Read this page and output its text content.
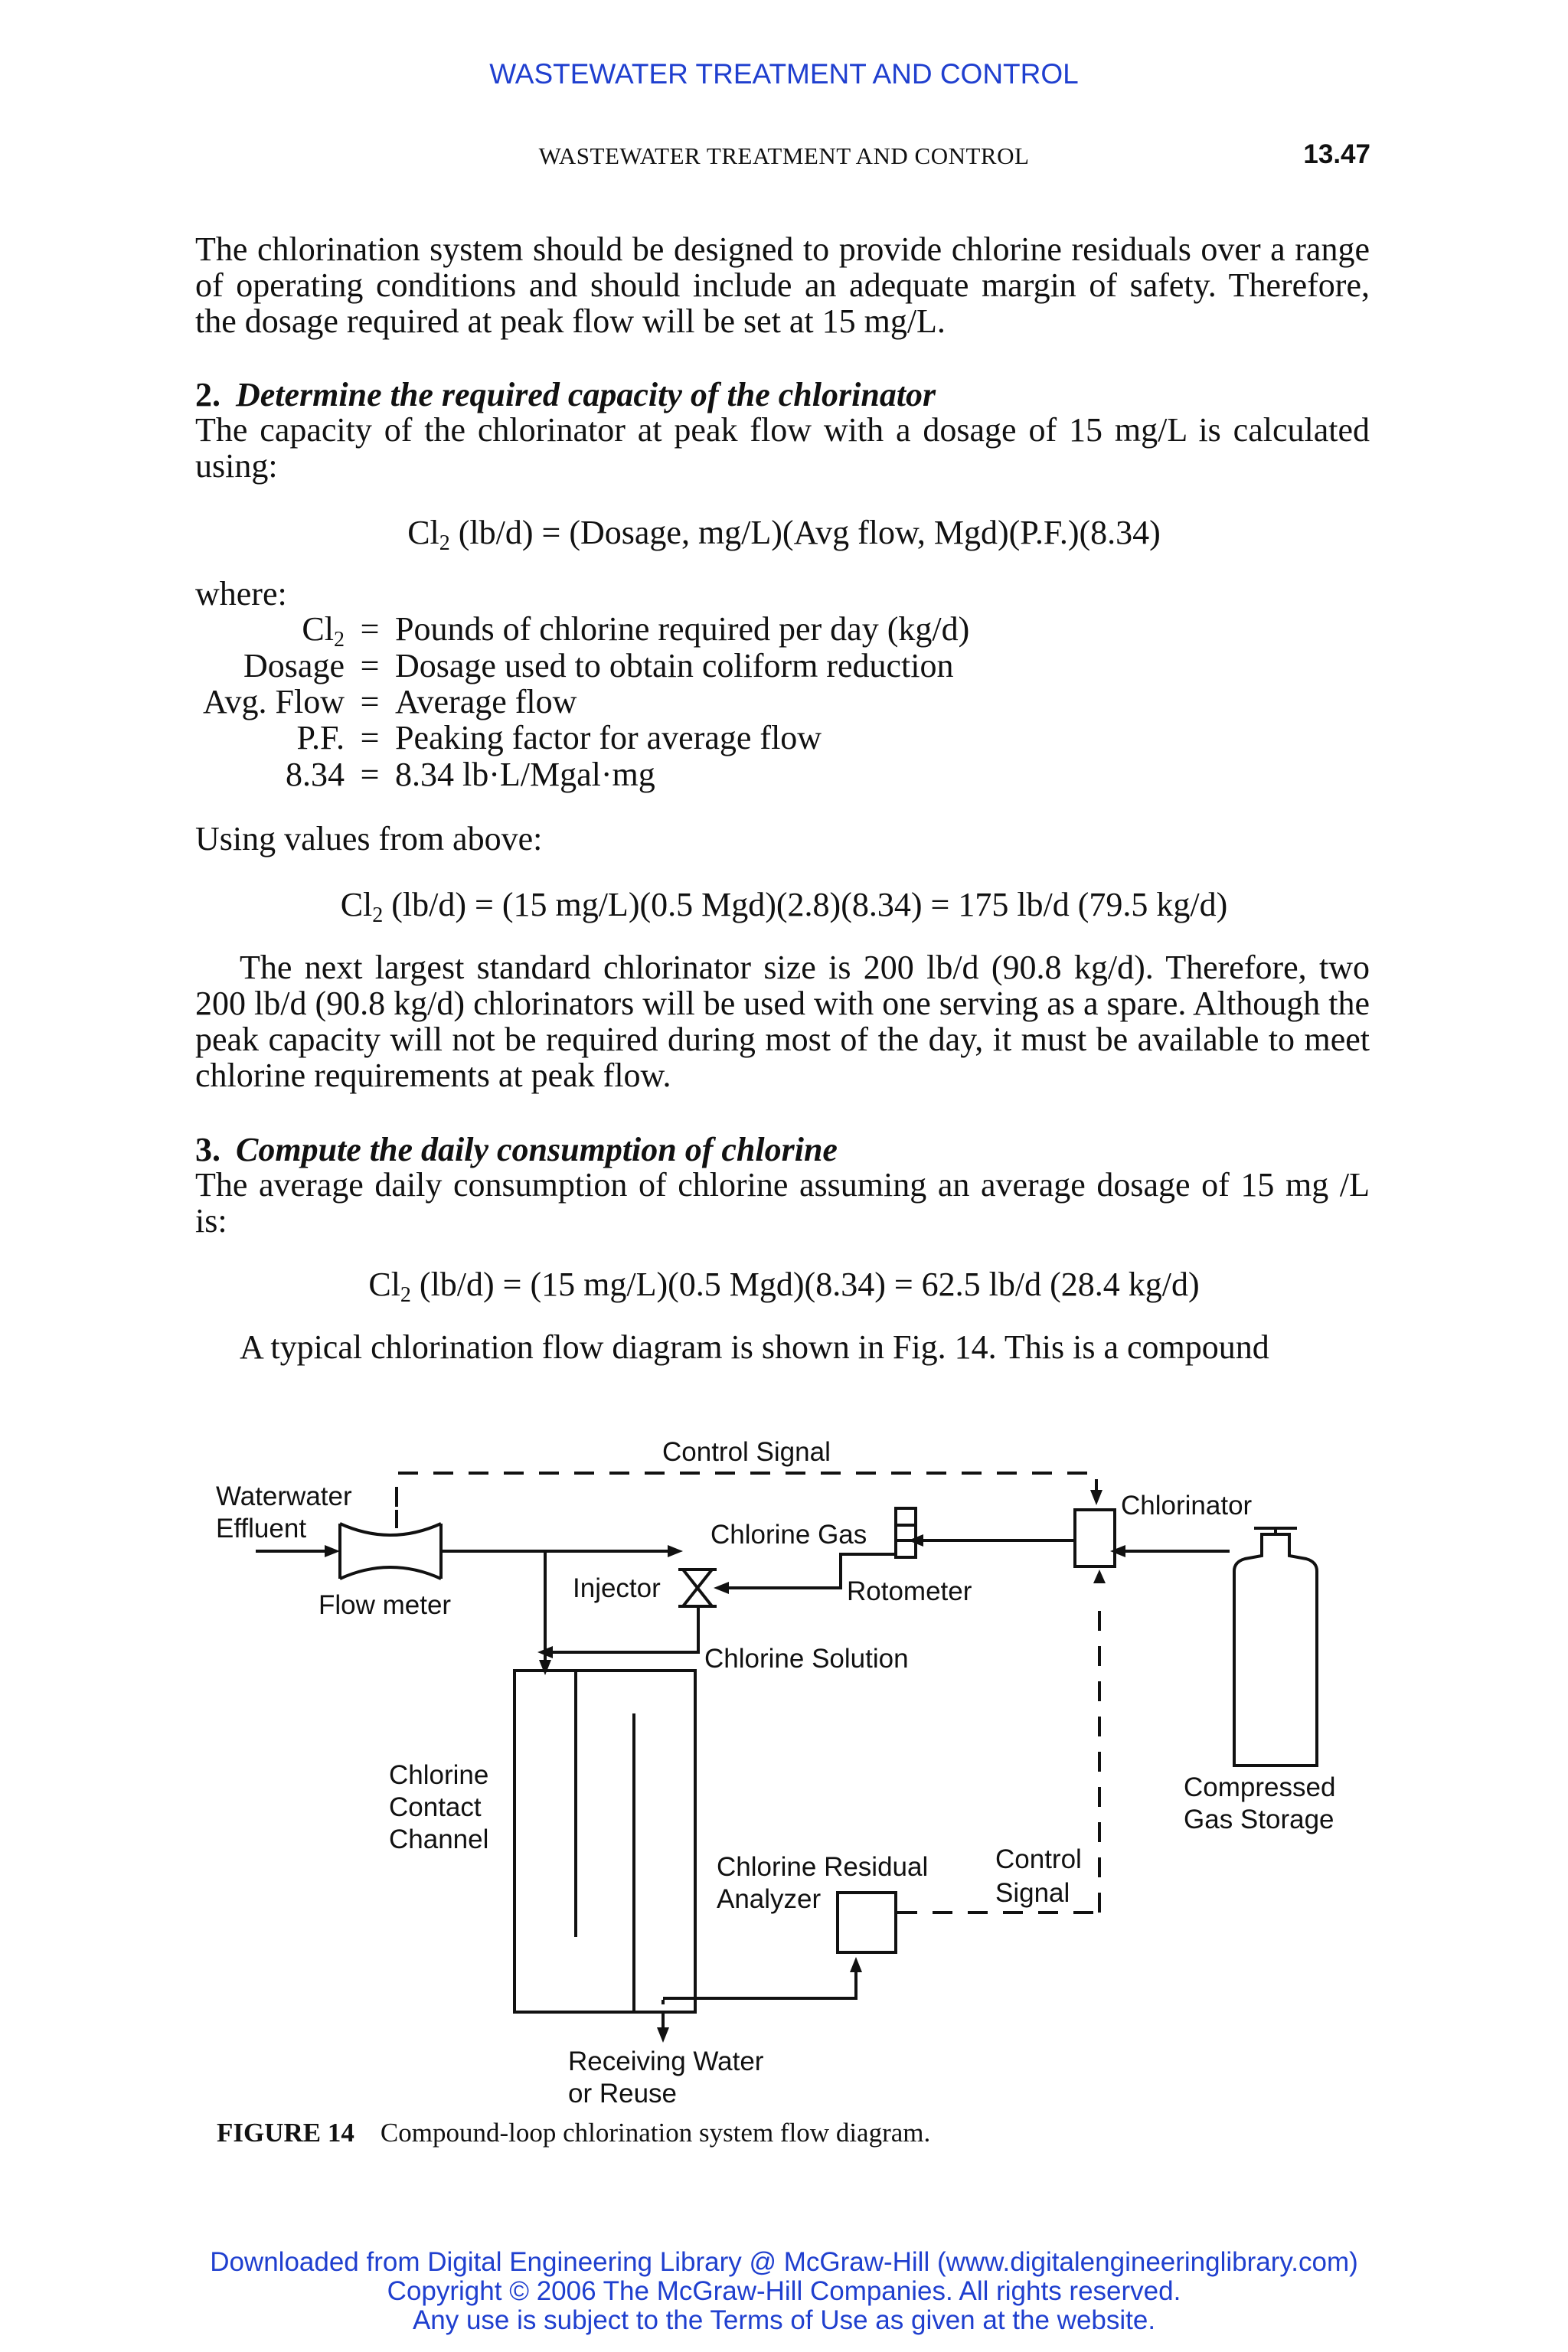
WASTEWATER TREATMENT AND CONTROL
WASTEWATER TREATMENT AND CONTROL	13.47
The chlorination system should be designed to provide chlorine residuals over a range of operating conditions and should include an adequate margin of safety. Therefore, the dosage required at peak flow will be set at 15 mg/L.
2. Determine the required capacity of the chlorinator
The capacity of the chlorinator at peak flow with a dosage of 15 mg/L is calculated using:
$Cl_2$ (lb/d) = (Dosage, mg/L)(Avg flow, Mgd)(P.F.)(8.34)
where:
$Cl_2$ = Pounds of chlorine required per day (kg/d)
Dosage = Dosage used to obtain coliform reduction
Avg. Flow = Average flow
P.F. = Peaking factor for average flow
8.34 = 8.34 lb·L/Mgal·mg
Using values from above:
$Cl_2$ (lb/d) = (15 mg/L)(0.5 Mgd)(2.8)(8.34) = 175 lb/d (79.5 kg/d)
The next largest standard chlorinator size is 200 lb/d (90.8 kg/d). Therefore, two 200 lb/d (90.8 kg/d) chlorinators will be used with one serving as a spare. Although the peak capacity will not be required during most of the day, it must be available to meet chlorine requirements at peak flow.
3. Compute the daily consumption of chlorine
The average daily consumption of chlorine assuming an average dosage of 15 mg /L is:
$Cl_2$ (lb/d) = (15 mg/L)(0.5 Mgd)(8.34) = 62.5 lb/d (28.4 kg/d)
A typical chlorination flow diagram is shown in Fig. 14. This is a compound
Control Signal
Waterwater
Effluent
Chlorinator
Chlorine Gas
Injector	Rotometer
Flow meter
Chlorine Solution
Chlorine
Contact
Channel
Compressed
Gas Storage
Chlorine Residual
Analyzer
Control
Signal
Receiving Water
or Reuse
FIGURE 14 Compound-loop chlorination system flow diagram.
Downloaded from Digital Engineering Library @ McGraw-Hill (www.digitalengineeringlibrary.com)
Copyright © 2006 The McGraw-Hill Companies. All rights reserved.
Any use is subject to the Terms of Use as given at the website.
